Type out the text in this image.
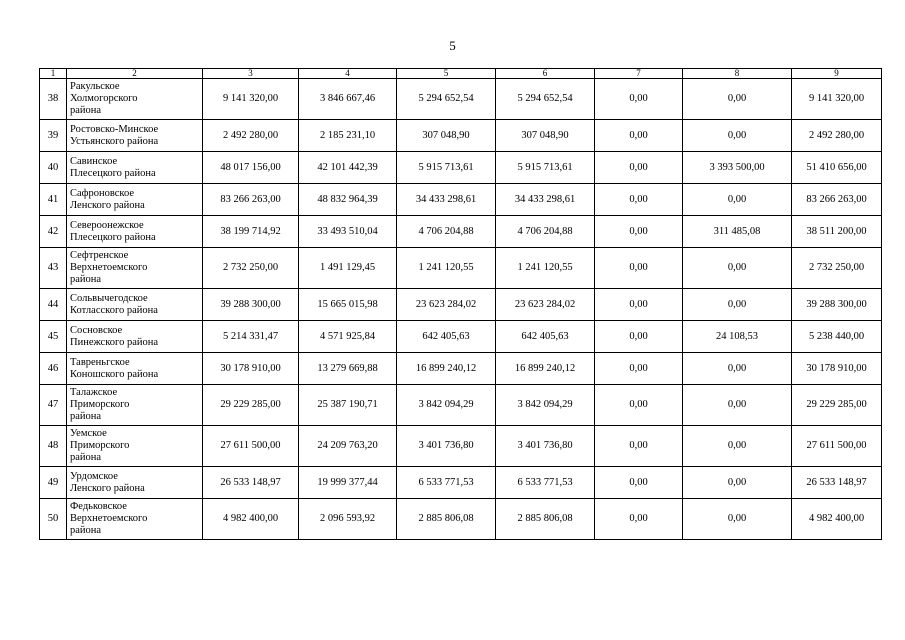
5
1	2	3	4	5	6	7	8	9
38	Ракульское
Холмогорского
района	9 141 320,00	3 846 667,46	5 294 652,54	5 294 652,54	0,00	0,00	9 141 320,00
39	Ростовско-Минское
Устьянского района	2 492 280,00	2 185 231,10	307 048,90	307 048,90	0,00	0,00	2 492 280,00
40	Савинское
Плесецкого района	48 017 156,00	42 101 442,39	5 915 713,61	5 915 713,61	0,00	3 393 500,00	51 410 656,00
41	Сафроновское
Ленского района	83 266 263,00	48 832 964,39	34 433 298,61	34 433 298,61	0,00	0,00	83 266 263,00
42	Североонежское
Плесецкого района	38 199 714,92	33 493 510,04	4 706 204,88	4 706 204,88	0,00	311 485,08	38 511 200,00
43	Сефтренское
Верхнетоемского
района	2 732 250,00	1 491 129,45	1 241 120,55	1 241 120,55	0,00	0,00	2 732 250,00
44	Сольвычегодское
Котласского района	39 288 300,00	15 665 015,98	23 623 284,02	23 623 284,02	0,00	0,00	39 288 300,00
45	Сосновское
Пинежского района	5 214 331,47	4 571 925,84	642 405,63	642 405,63	0,00	24 108,53	5 238 440,00
46	Тавреньгское
Коношского района	30 178 910,00	13 279 669,88	16 899 240,12	16 899 240,12	0,00	0,00	30 178 910,00
47	Талажское
Приморского
района	29 229 285,00	25 387 190,71	3 842 094,29	3 842 094,29	0,00	0,00	29 229 285,00
48	Уемское
Приморского
района	27 611 500,00	24 209 763,20	3 401 736,80	3 401 736,80	0,00	0,00	27 611 500,00
49	Урдомское
Ленского района	26 533 148,97	19 999 377,44	6 533 771,53	6 533 771,53	0,00	0,00	26 533 148,97
50	Федьковское
Верхнетоемского
района	4 982 400,00	2 096 593,92	2 885 806,08	2 885 806,08	0,00	0,00	4 982 400,00
